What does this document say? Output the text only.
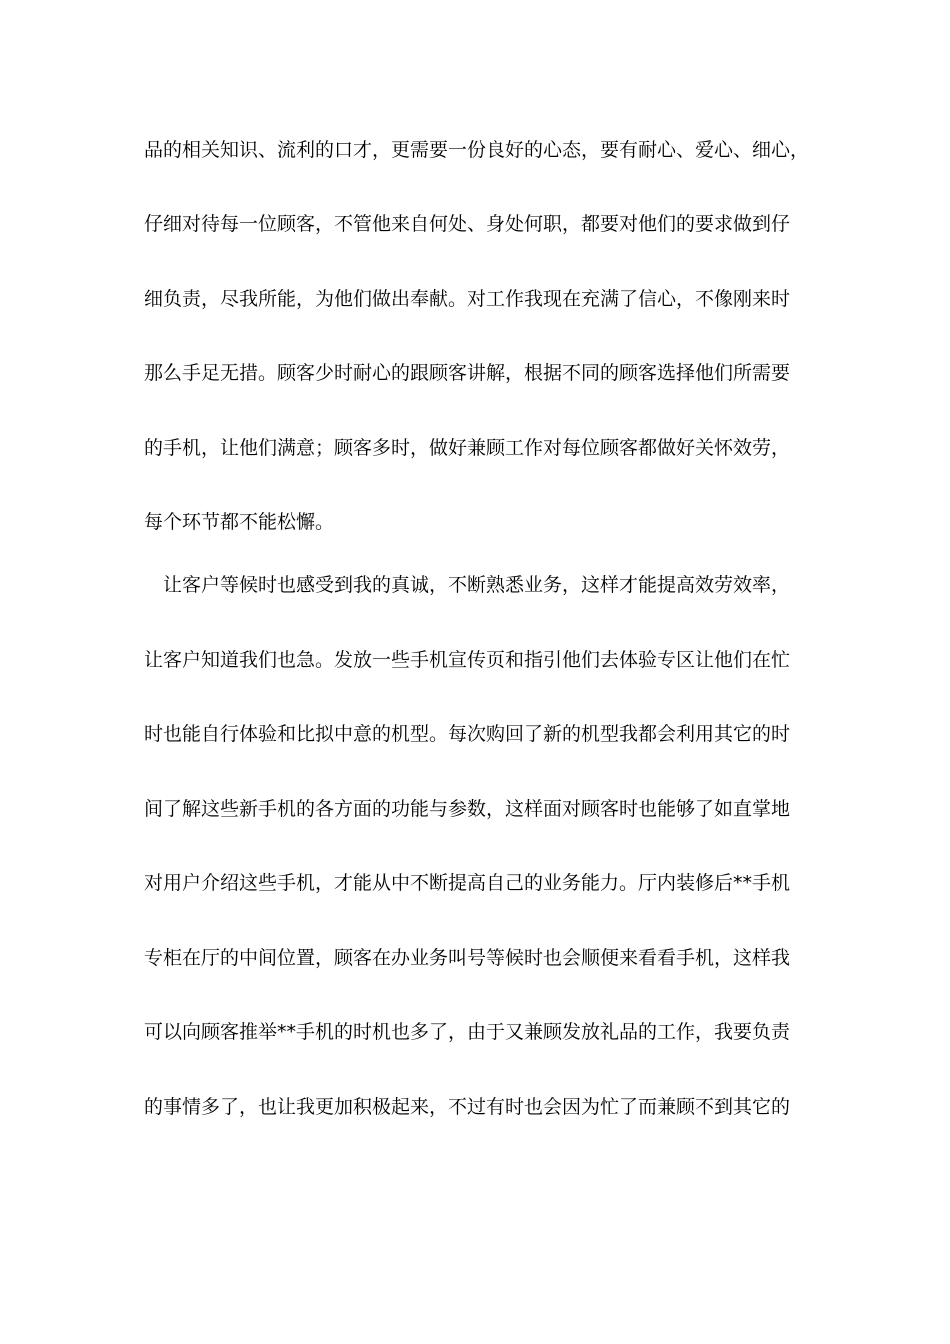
品的相关知识、流利的口才，更需要一份良好的心态，要有耐心、爱心、细心，
仔细对待每一位顾客，不管他来自何处、身处何职，都要对他们的要求做到仔
细负责，尽我所能，为他们做出奉献。对工作我现在充满了信心，不像刚来时
那么手足无措。顾客少时耐心的跟顾客讲解，根据不同的顾客选择他们所需要
的手机，让他们满意；顾客多时，做好兼顾工作对每位顾客都做好关怀效劳，
每个环节都不能松懈。
让客户等候时也感受到我的真诚，不断熟悉业务，这样才能提高效劳效率，
让客户知道我们也急。发放一些手机宣传页和指引他们去体验专区让他们在忙
时也能自行体验和比拟中意的机型。每次购回了新的机型我都会利用其它的时
间了解这些新手机的各方面的功能与参数，这样面对顾客时也能够了如直掌地
对用户介绍这些手机，才能从中不断提高自己的业务能力。厅内装修后**手机
专柜在厅的中间位置，顾客在办业务叫号等候时也会顺便来看看手机，这样我
可以向顾客推举**手机的时机也多了，由于又兼顾发放礼品的工作，我要负责
的事情多了，也让我更加积极起来，不过有时也会因为忙了而兼顾不到其它的
